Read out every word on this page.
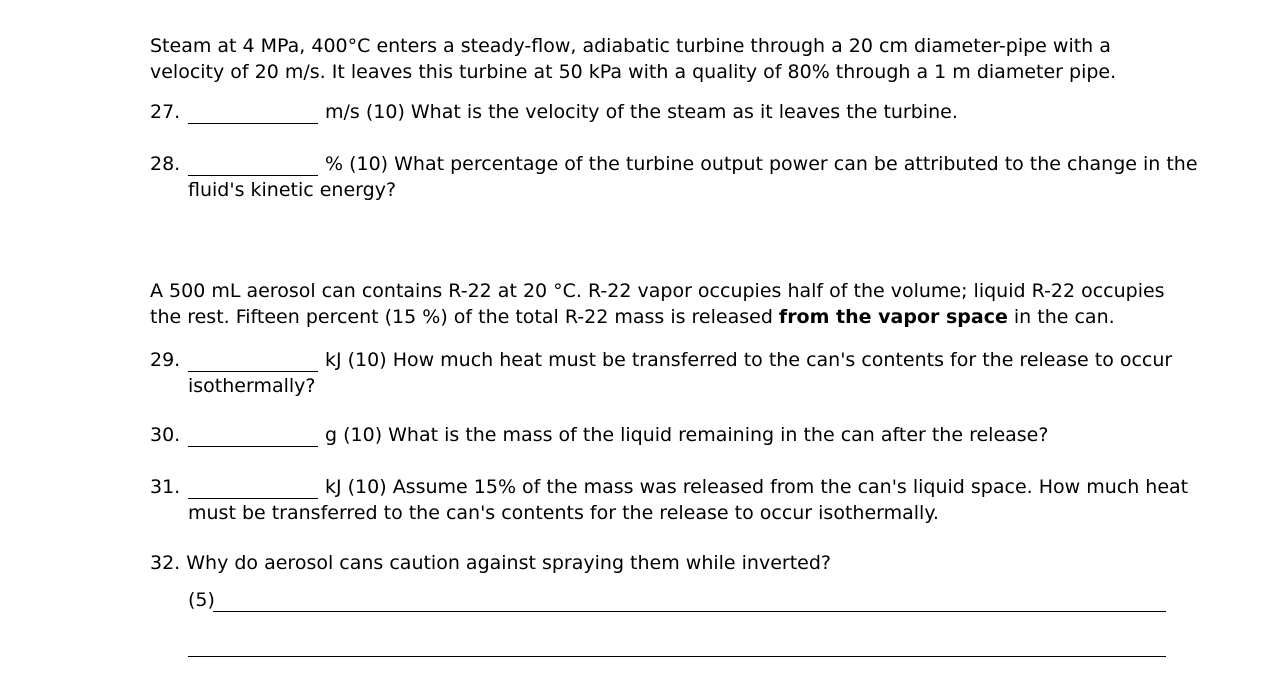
Steam at 4 MPa, 400°C enters a steady-flow, adiabatic turbine through a 20 cm diameter-pipe with a velocity of 20 m/s. It leaves this turbine at 50 kPa with a quality of 80% through a 1 m diameter pipe.
27.	m/s (10) What is the velocity of the steam as it leaves the turbine.
28.	% (10) What percentage of the turbine output power can be attributed to the change in the
fluid's kinetic energy?
A 500 mL aerosol can contains R-22 at 20 °C. R-22 vapor occupies half of the volume; liquid R-22 occupies the rest. Fifteen percent (15 %) of the total R-22 mass is released from the vapor space in the can.
29.	kJ (10) How much heat must be transferred to the can's contents for the release to occur
isothermally?
30.	g (10) What is the mass of the liquid remaining in the can after the release?
31.	kJ (10) Assume 15% of the mass was released from the can's liquid space. How much heat
must be transferred to the can's contents for the release to occur isothermally.
32. Why do aerosol cans caution against spraying them while inverted?
(5)
